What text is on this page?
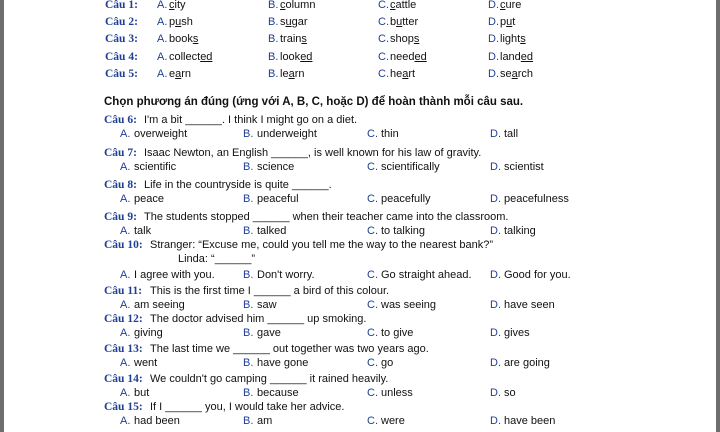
Câu 1: A. city	B. column	C. cattle	D. cure
Câu 2: A. push	B. sugar	C. butter	D. put
Câu 3: A. books	B. trains	C. shops	D. lights
Câu 4: A. collected	B. looked	C. needed	D. landed
Câu 5: A. earn	B. learn	C. heart	D. search
Chọn phương án đúng (ứng với A, B, C, hoặc D) để hoàn thành mỗi câu sau.
Câu 6: I'm a bit ______. I think I might go on a diet.
A. overweight	B. underweight	C. thin	D. tall
Câu 7: Isaac Newton, an English ______, is well known for his law of gravity.
A. scientific	B. science	C. scientifically	D. scientist
Câu 8: Life in the countryside is quite ______.
A. peace	B. peaceful	C. peacefully	D. peacefulness
Câu 9: The students stopped ______ when their teacher came into the classroom.
A. talk	B. talked	C. to talking	D. talking
Câu 10: Stranger: “Excuse me, could you tell me the way to the nearest bank?”
Linda: “______”
A. I agree with you.	B. Don't worry.	C. Go straight ahead. D. Good for you.
Câu 11: This is the first time I ______ a bird of this colour.
A. am seeing	B. saw	C. was seeing	D. have seen
Câu 12: The doctor advised him ______ up smoking.
A. giving	B. gave	C. to give	D. gives
Câu 13: The last time we ______ out together was two years ago.
A. went	B. have gone	C. go	D. are going
Câu 14: We couldn't go camping ______ it rained heavily.
A. but	B. because	C. unless	D. so
Câu 15: If I ______ you, I would take her advice.
A. had been	B. am	C. were	D. have been
